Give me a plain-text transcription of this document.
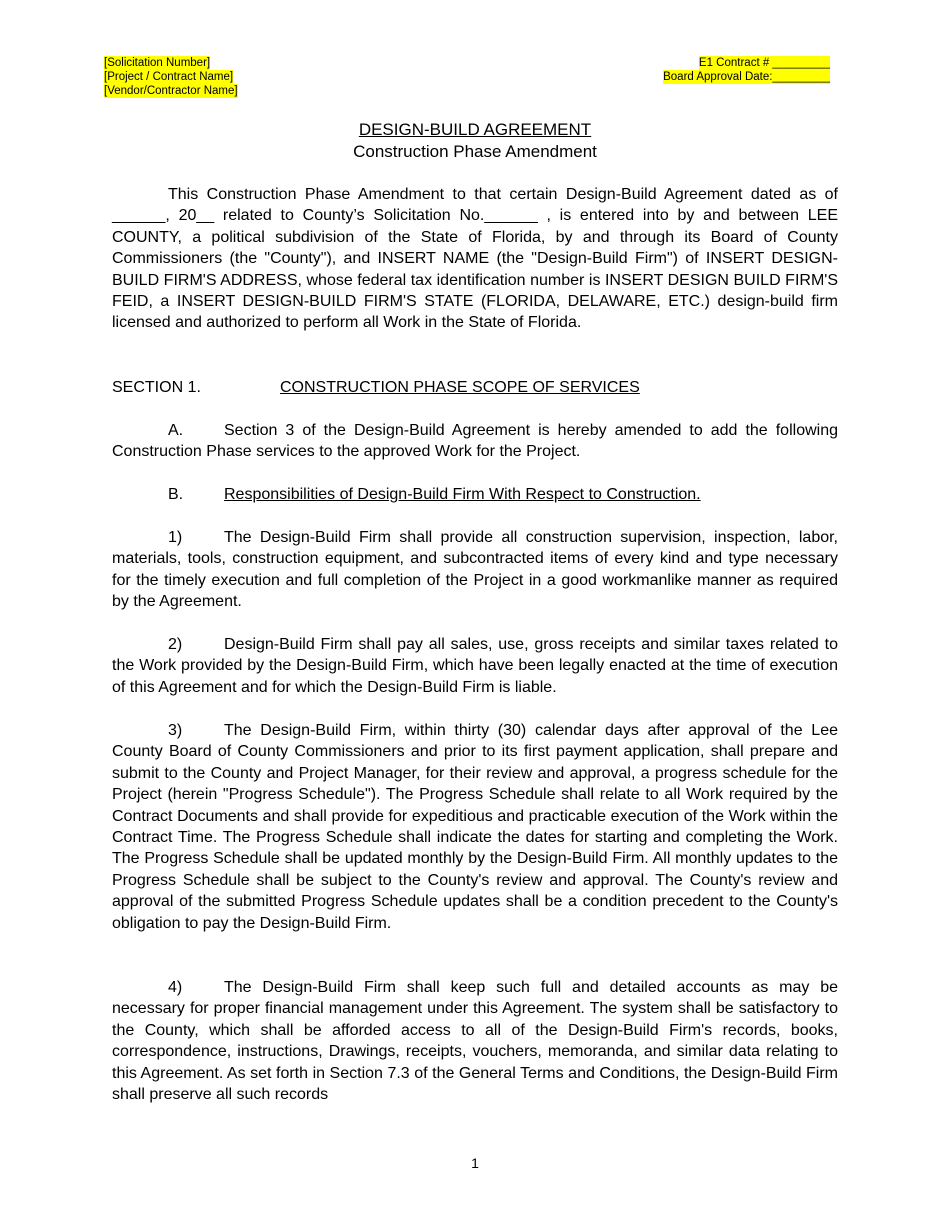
[Solicitation Number]	E1 Contract # _________
[Project / Contract Name]	Board Approval Date:_________
[Vendor/Contractor Name]
DESIGN-BUILD AGREEMENT
Construction Phase Amendment
This Construction Phase Amendment to that certain Design-Build Agreement dated as of ______, 20__ related to County’s Solicitation No.______ , is entered into by and between LEE COUNTY, a political subdivision of the State of Florida, by and through its Board of County Commissioners (the "County"), and INSERT NAME (the "Design-Build Firm") of INSERT DESIGN-BUILD FIRM'S ADDRESS, whose federal tax identification number is INSERT DESIGN BUILD FIRM'S FEID, a INSERT DESIGN-BUILD FIRM'S STATE (FLORIDA, DELAWARE, ETC.) design-build firm licensed and authorized to perform all Work in the State of Florida.
SECTION 1.	CONSTRUCTION PHASE SCOPE OF SERVICES
A.	Section 3 of the Design-Build Agreement is hereby amended to add the following Construction Phase services to the approved Work for the Project.
B.	Responsibilities of Design-Build Firm With Respect to Construction.
1)	The Design-Build Firm shall provide all construction supervision, inspection, labor, materials, tools, construction equipment, and subcontracted items of every kind and type necessary for the timely execution and full completion of the Project in a good workmanlike manner as required by the Agreement.
2)	Design-Build Firm shall pay all sales, use, gross receipts and similar taxes related to the Work provided by the Design-Build Firm, which have been legally enacted at the time of execution of this Agreement and for which the Design-Build Firm is liable.
3)	The Design-Build Firm, within thirty (30) calendar days after approval of the Lee County Board of County Commissioners and prior to its first payment application, shall prepare and submit to the County and Project Manager, for their review and approval, a progress schedule for the Project (herein "Progress Schedule"). The Progress Schedule shall relate to all Work required by the Contract Documents and shall provide for expeditious and practicable execution of the Work within the Contract Time. The Progress Schedule shall indicate the dates for starting and completing the Work. The Progress Schedule shall be updated monthly by the Design-Build Firm. All monthly updates to the Progress Schedule shall be subject to the County's review and approval. The County's review and approval of the submitted Progress Schedule updates shall be a condition precedent to the County's obligation to pay the Design-Build Firm.
4)	The Design-Build Firm shall keep such full and detailed accounts as may be necessary for proper financial management under this Agreement. The system shall be satisfactory to the County, which shall be afforded access to all of the Design-Build Firm's records, books, correspondence, instructions, Drawings, receipts, vouchers, memoranda, and similar data relating to this Agreement. As set forth in Section 7.3 of the General Terms and Conditions, the Design-Build Firm shall preserve all such records
1
